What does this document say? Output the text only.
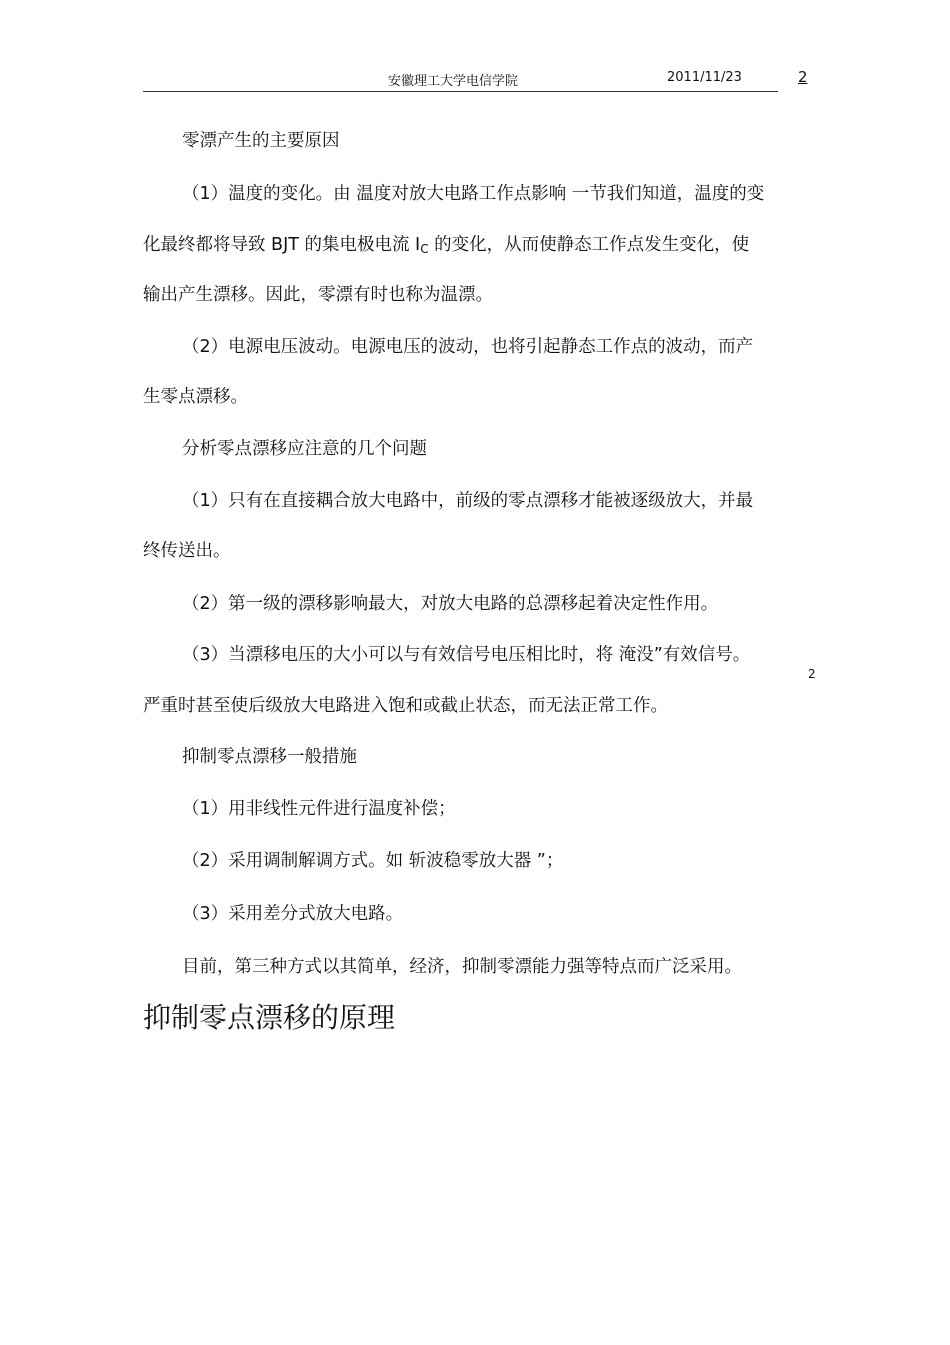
安徽理工大学电信学院	2011/11/23	2
2
零漂产生的主要原因
（1）温度的变化。由 温度对放大电路工作点影响 一节我们知道，温度的变
化最终都将导致 BJT 的集电极电流 $I_C$ 的变化，从而使静态工作点发生变化，使
输出产生漂移。因此，零漂有时也称为温漂。
（2）电源电压波动。电源电压的波动，也将引起静态工作点的波动，而产
生零点漂移。
分析零点漂移应注意的几个问题
（1）只有在直接耦合放大电路中，前级的零点漂移才能被逐级放大，并最
终传送出。
（2）第一级的漂移影响最大，对放大电路的总漂移起着决定性作用。
（3）当漂移电压的大小可以与有效信号电压相比时，将 淹没”有效信号。
严重时甚至使后级放大电路进入饱和或截止状态，而无法正常工作。
抑制零点漂移一般措施
（1）用非线性元件进行温度补偿；
（2）采用调制解调方式。如 斩波稳零放大器 ”；
（3）采用差分式放大电路。
目前，第三种方式以其简单，经济，抑制零漂能力强等特点而广泛采用。
抑制零点漂移的原理
